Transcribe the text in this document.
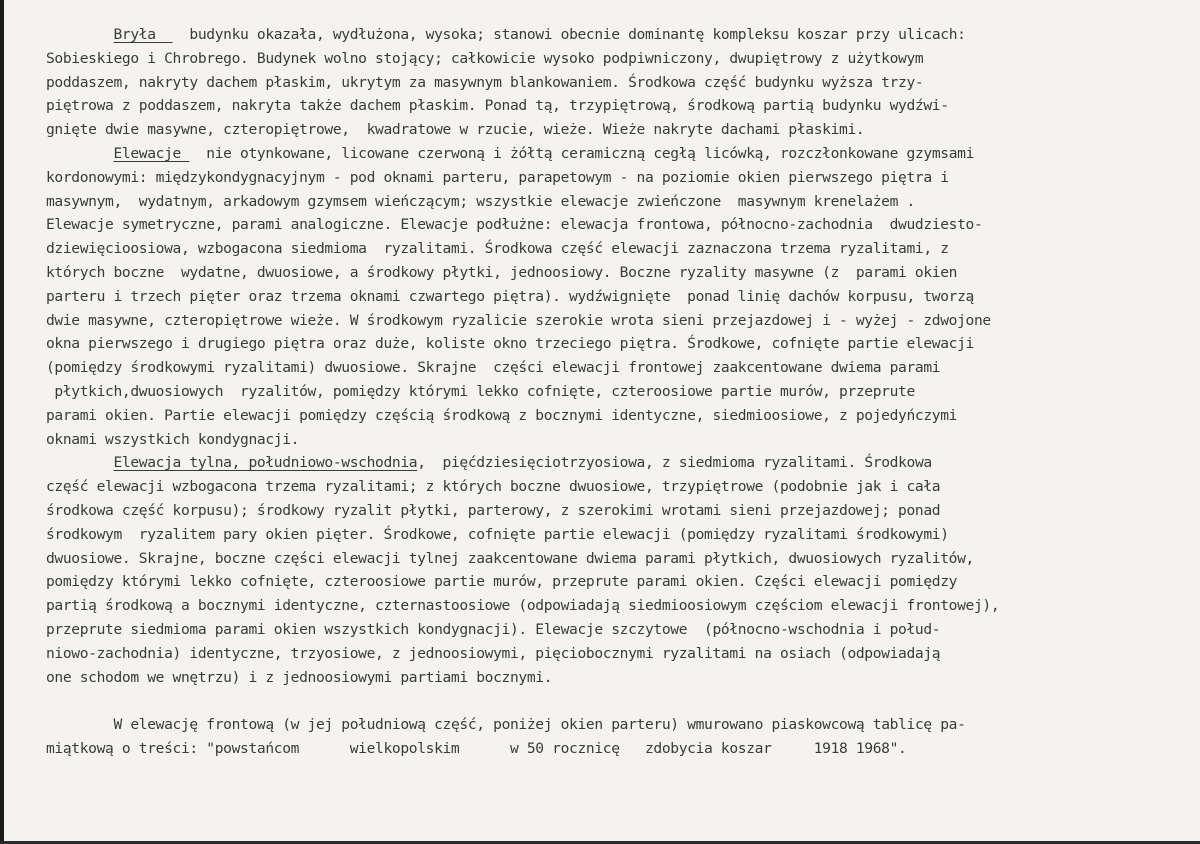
Bryła    budynku okazała, wydłużona, wysoka; stanowi obecnie dominantę kompleksu koszar przy ulicach:
Sobieskiego i Chrobrego. Budynek wolno stojący; całkowicie wysoko podpiwniczony, dwupiętrowy z użytkowym
poddaszem, nakryty dachem płaskim, ukrytym za masywnym blankowaniem. Środkowa część budynku wyższa trzy-
piętrowa z poddaszem, nakryta także dachem płaskim. Ponad tą, trzypiętrową, środkową partią budynku wydźwi-
gnięte dwie masywne, czteropiętrowe,  kwadratowe w rzucie, wieże. Wieże nakryte dachami płaskimi.
Elewacje   nie otynkowane, licowane czerwoną i żółtą ceramiczną cegłą licówką, rozczłonkowane gzymsami
kordonowymi: międzykondygnacyjnym - pod oknami parteru, parapetowym - na poziomie okien pierwszego piętra i
masywnym,  wydatnym, arkadowym gzymsem wieńczącym; wszystkie elewacje zwieńczone  masywnym krenelażem .
Elewacje symetryczne, parami analogiczne. Elewacje podłużne: elewacja frontowa, północno-zachodnia  dwudziesto-
dziewięcioosiowa, wzbogacona siedmioma  ryzalitami. Środkowa część elewacji zaznaczona trzema ryzalitami, z
których boczne  wydatne, dwuosiowe, a środkowy płytki, jednoosiowy. Boczne ryzality masywne (z  parami okien
parteru i trzech pięter oraz trzema oknami czwartego piętra). wydźwignięte  ponad linię dachów korpusu, tworzą
dwie masywne, czteropiętrowe wieże. W środkowym ryzalicie szerokie wrota sieni przejazdowej i - wyżej - zdwojone
okna pierwszego i drugiego piętra oraz duże, koliste okno trzeciego piętra. Środkowe, cofnięte partie elewacji
(pomiędzy środkowymi ryzalitami) dwuosiowe. Skrajne  części elewacji frontowej zaakcentowane dwiema parami
płytkich,dwuosiowych  ryzalitów, pomiędzy którymi lekko cofnięte, czteroosiowe partie murów, przeprute
parami okien. Partie elewacji pomiędzy częścią środkową z bocznymi identyczne, siedmioosiowe, z pojedyńczymi
oknami wszystkich kondygnacji.
Elewacja tylna, południowo-wschodnia,  pięćdziesięciotrzyosiowa, z siedmioma ryzalitami. Środkowa
część elewacji wzbogacona trzema ryzalitami; z których boczne dwuosiowe, trzypiętrowe (podobnie jak i cała
środkowa część korpusu); środkowy ryzalit płytki, parterowy, z szerokimi wrotami sieni przejazdowej; ponad
środkowym  ryzalitem pary okien pięter. Środkowe, cofnięte partie elewacji (pomiędzy ryzalitami środkowymi)
dwuosiowe. Skrajne, boczne części elewacji tylnej zaakcentowane dwiema parami płytkich, dwuosiowych ryzalitów,
pomiędzy którymi lekko cofnięte, czteroosiowe partie murów, przeprute parami okien. Części elewacji pomiędzy
partią środkową a bocznymi identyczne, czternastoosiowe (odpowiadają siedmioosiowym częściom elewacji frontowej),
przeprute siedmioma parami okien wszystkich kondygnacji). Elewacje szczytowe  (północno-wschodnia i połud-
niowo-zachodnia) identyczne, trzyosiowe, z jednoosiowymi, pięciobocznymi ryzalitami na osiach (odpowiadają
one schodom we wnętrzu) i z jednoosiowymi partiami bocznymi.
W elewację frontową (w jej południową część, poniżej okien parteru) wmurowano piaskowcową tablicę pa-
miątkową o treści: "powstańcom      wielkopolskim      w 50 rocznicę   zdobycia koszar     1918 1968".
